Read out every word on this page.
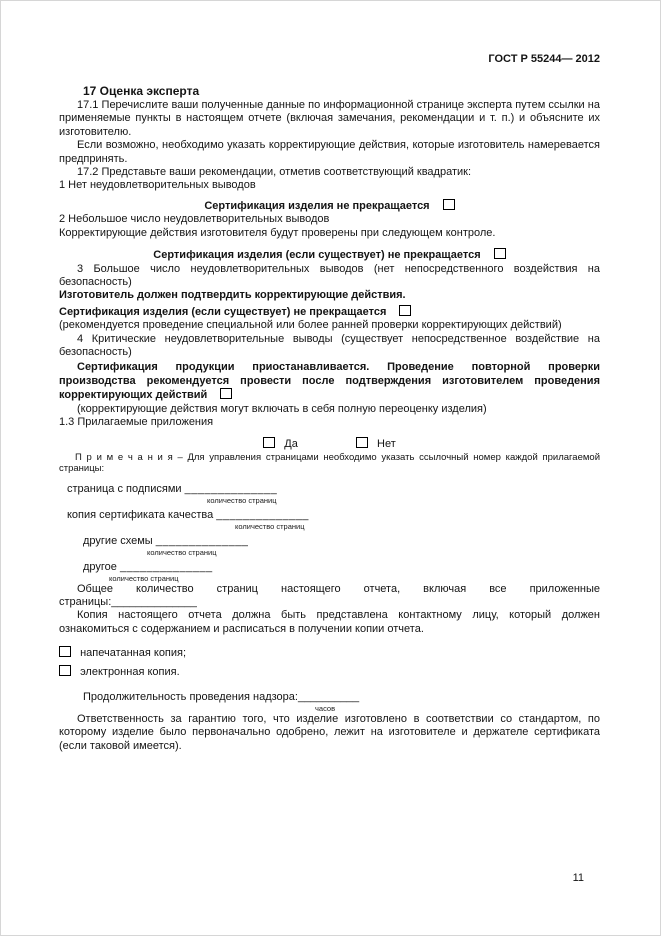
ГОСТ Р 55244— 2012
17 Оценка эксперта

17.1 Перечислите ваши полученные данные по информационной странице эксперта путем ссылки на применяемые пункты в настоящем отчете (включая замечания, рекомендации и т. п.) и объясните их изготовителю.

Если возможно, необходимо указать корректирующие действия, которые изготовитель намеревается предпринять.

17.2 Представьте ваши рекомендации, отметив соответствующий квадратик:

1 Нет неудовлетворительных выводов

Сертификация изделия не прекращается

2 Небольшое число неудовлетворительных выводов

Корректирующие действия изготовителя будут проверены при следующем контроле.

Сертификация изделия (если существует) не прекращается

3 Большое число неудовлетворительных выводов (нет непосредственного воздействия на безопасность)

Изготовитель должен подтвердить корректирующие действия.

Сертификация изделия (если существует) не прекращается

(рекомендуется проведение специальной или более ранней проверки корректирующих действий)

4 Критические неудовлетворительные выводы (существует непосредственное воздействие на безопасность)

Сертификация продукции приостанавливается. Проведение повторной проверки производства рекомендуется провести после подтверждения изготовителем проведения корректирующих действий

(корректирующие действия могут включать в себя полную переоценку изделия)

1.3 Прилагаемые приложения

Да	Нет

П р и м е ч а н и я – Для управления страницами необходимо указать ссылочный номер каждой прилагаемой страницы:

страница с подписями ______________
количество страниц
копия сертификата качества ______________
количество страниц
другие схемы ______________
количество страниц
другое ______________
количество страниц

Общее количество страниц настоящего отчета, включая все приложенные страницы:______________

Копия настоящего отчета должна быть представлена контактному лицу, который должен ознакомиться с содержанием и расписаться в получении копии отчета.

напечатанная копия;
электронная копия.
Продолжительность проведения надзора:__________
часов

Ответственность за гарантию того, что изделие изготовлено в соответствии со стандартом, по которому изделие было первоначально одобрено, лежит на изготовителе и держателе сертификата (если таковой имеется).

11
